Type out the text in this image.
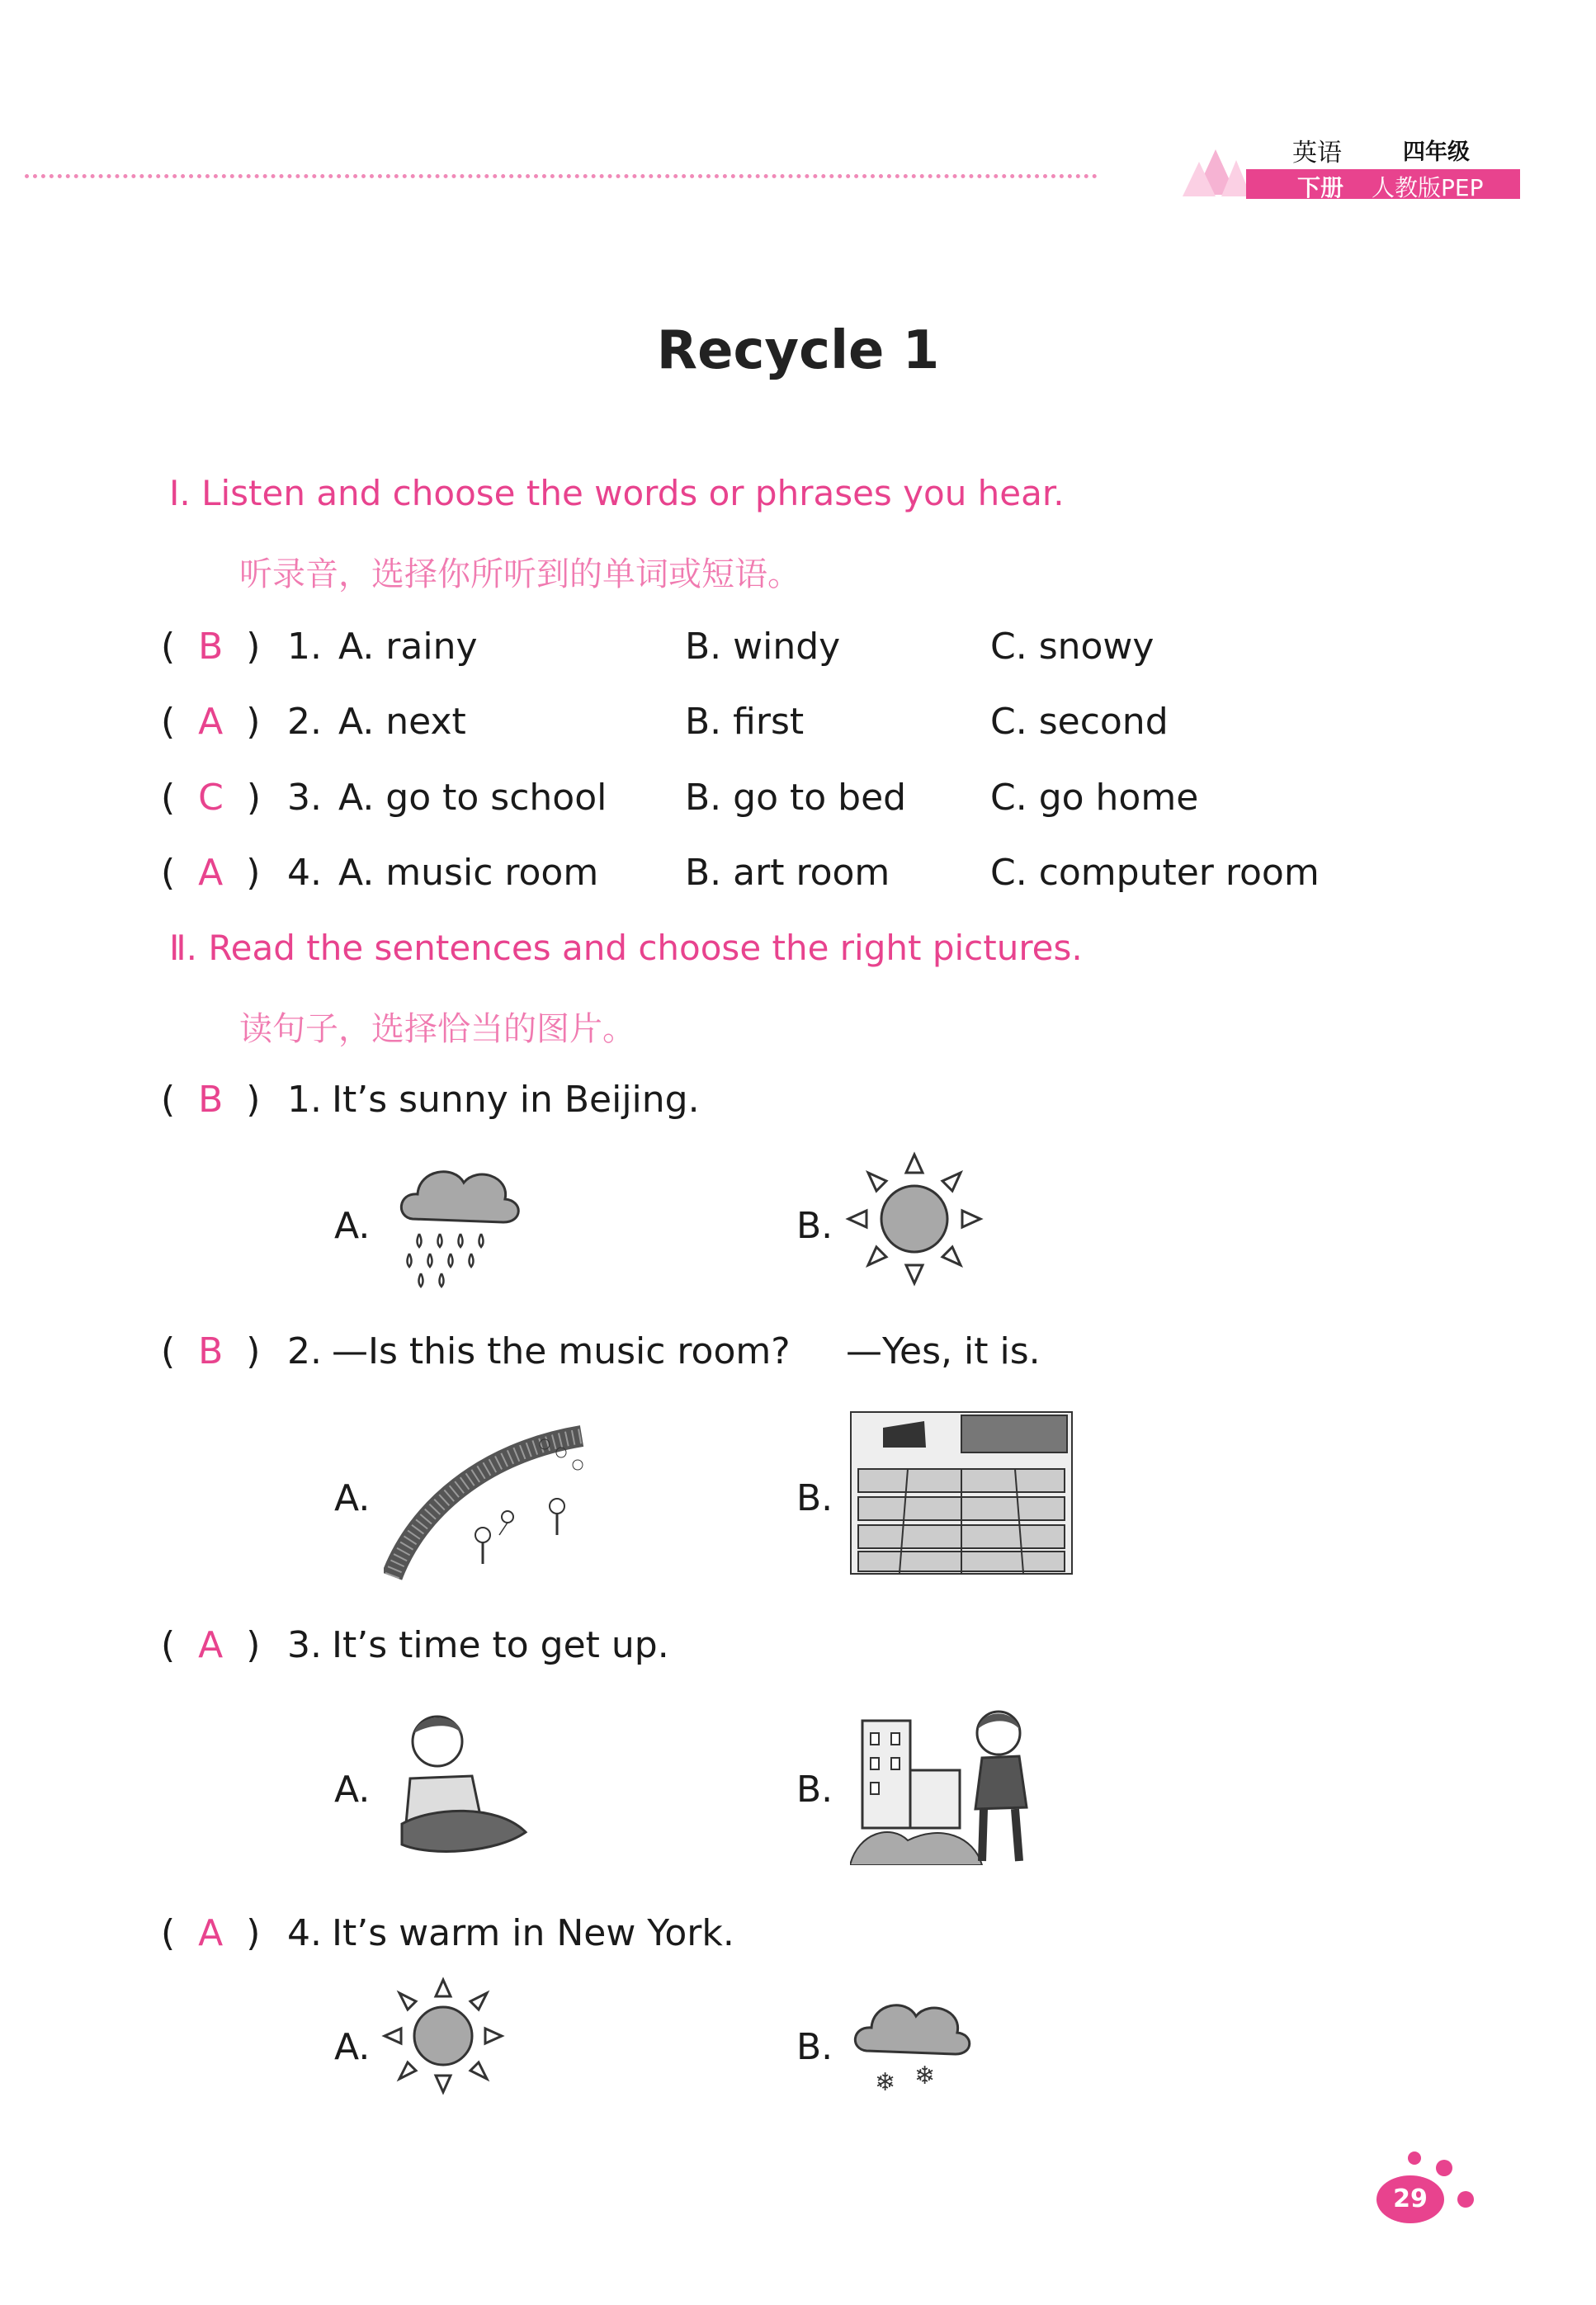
英语	四年级
下册 人教版PEP
Recycle 1
Ⅰ. Listen and choose the words or phrases you hear.
听录音，选择你所听到的单词或短语。
(  B  ) 1. A. rainy	B. windy	C. snowy
(  A  ) 2. A. next	B. first	C. second
(  C  ) 3. A. go to school B. go to bed C. go home
(  A  ) 4. A. music room B. art room	C. computer room
Ⅱ. Read the sentences and choose the right pictures.
读句子，选择恰当的图片。
(  B  ) 1. It’s sunny in Beijing.
A.	B.
(  B  ) 2. —Is this the music room? —Yes, it is.
A.	B.
(  A  ) 3. It’s time to get up.
A.	B.
(  A  ) 4. It’s warm in New York.
A.	B.
❄ ❄
29
